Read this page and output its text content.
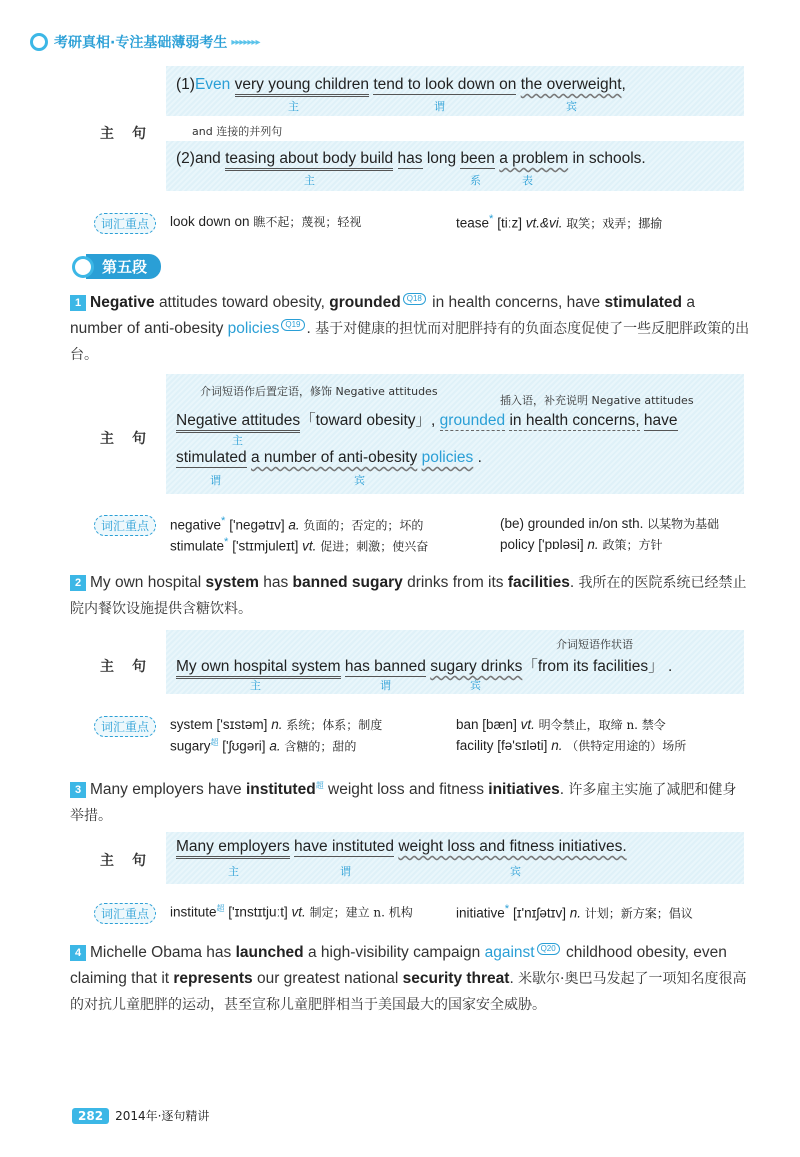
考研真相·专注基础薄弱考生 ▸▸▸▸▸▸▸
主句
(1)Even very young children tend to look down on the overweight,
主	谓	宾
and 连接的并列句
(2)and teasing about body build has long been a problem in schools.
主	系	表
词汇重点	look down on 瞧不起；蔑视；轻视	tease* [tiːz] vt.&vi. 取笑；戏弄；挪揄
第五段
1 Negative attitudes toward obesity, grounded Q18 in health concerns, have stimulated a number of anti-obesity policies Q19 . 基于对健康的担忧而对肥胖持有的负面态度促使了一些反肥胖政策的出台。
主句
介词短语作后置定语，修饰 Negative attitudes
插入语，补充说明 Negative attitudes
Negative attitudes「toward obesity」, grounded in health concerns, have
主
stimulated a number of anti-obesity policies .
谓	宾
词汇重点	negative* ['negətɪv] a. 负面的；否定的；坏的	(be) grounded in/on sth. 以某物为基础
stimulate* ['stɪmjuleɪt] vt. 促进；刺激；使兴奋	policy ['pɒləsi] n. 政策；方针
2 My own hospital system has banned sugary drinks from its facilities. 我所在的医院系统已经禁止院内餐饮设施提供含糖饮料。
主句
介词短语作状语
My own hospital system has banned sugary drinks「from its facilities」 .
主	谓	宾
词汇重点	system ['sɪstəm] n. 系统；体系；制度	ban [bæn] vt. 明令禁止，取缔 n. 禁令
sugary$^超$ ['ʃʊgəri] a. 含糖的；甜的	facility [fə'sɪləti] n. （供特定用途的）场所
3 Many employers have instituted$^超$ weight loss and fitness initiatives. 许多雇主实施了减肥和健身举措。
主句
Many employers have instituted weight loss and fitness initiatives.
主	谓	宾
词汇重点	institute$^超$ ['ɪnstɪtjuːt] vt. 制定；建立 n. 机构	initiative* [ɪ'nɪʃətɪv] n. 计划；新方案；倡议
4 Michelle Obama has launched a high-visibility campaign against Q20 childhood obesity, even claiming that it represents our greatest national security threat. 米歇尔·奥巴马发起了一项知名度很高的对抗儿童肥胖的运动，甚至宣称儿童肥胖相当于美国最大的国家安全威胁。
282	2014年·逐句精讲
